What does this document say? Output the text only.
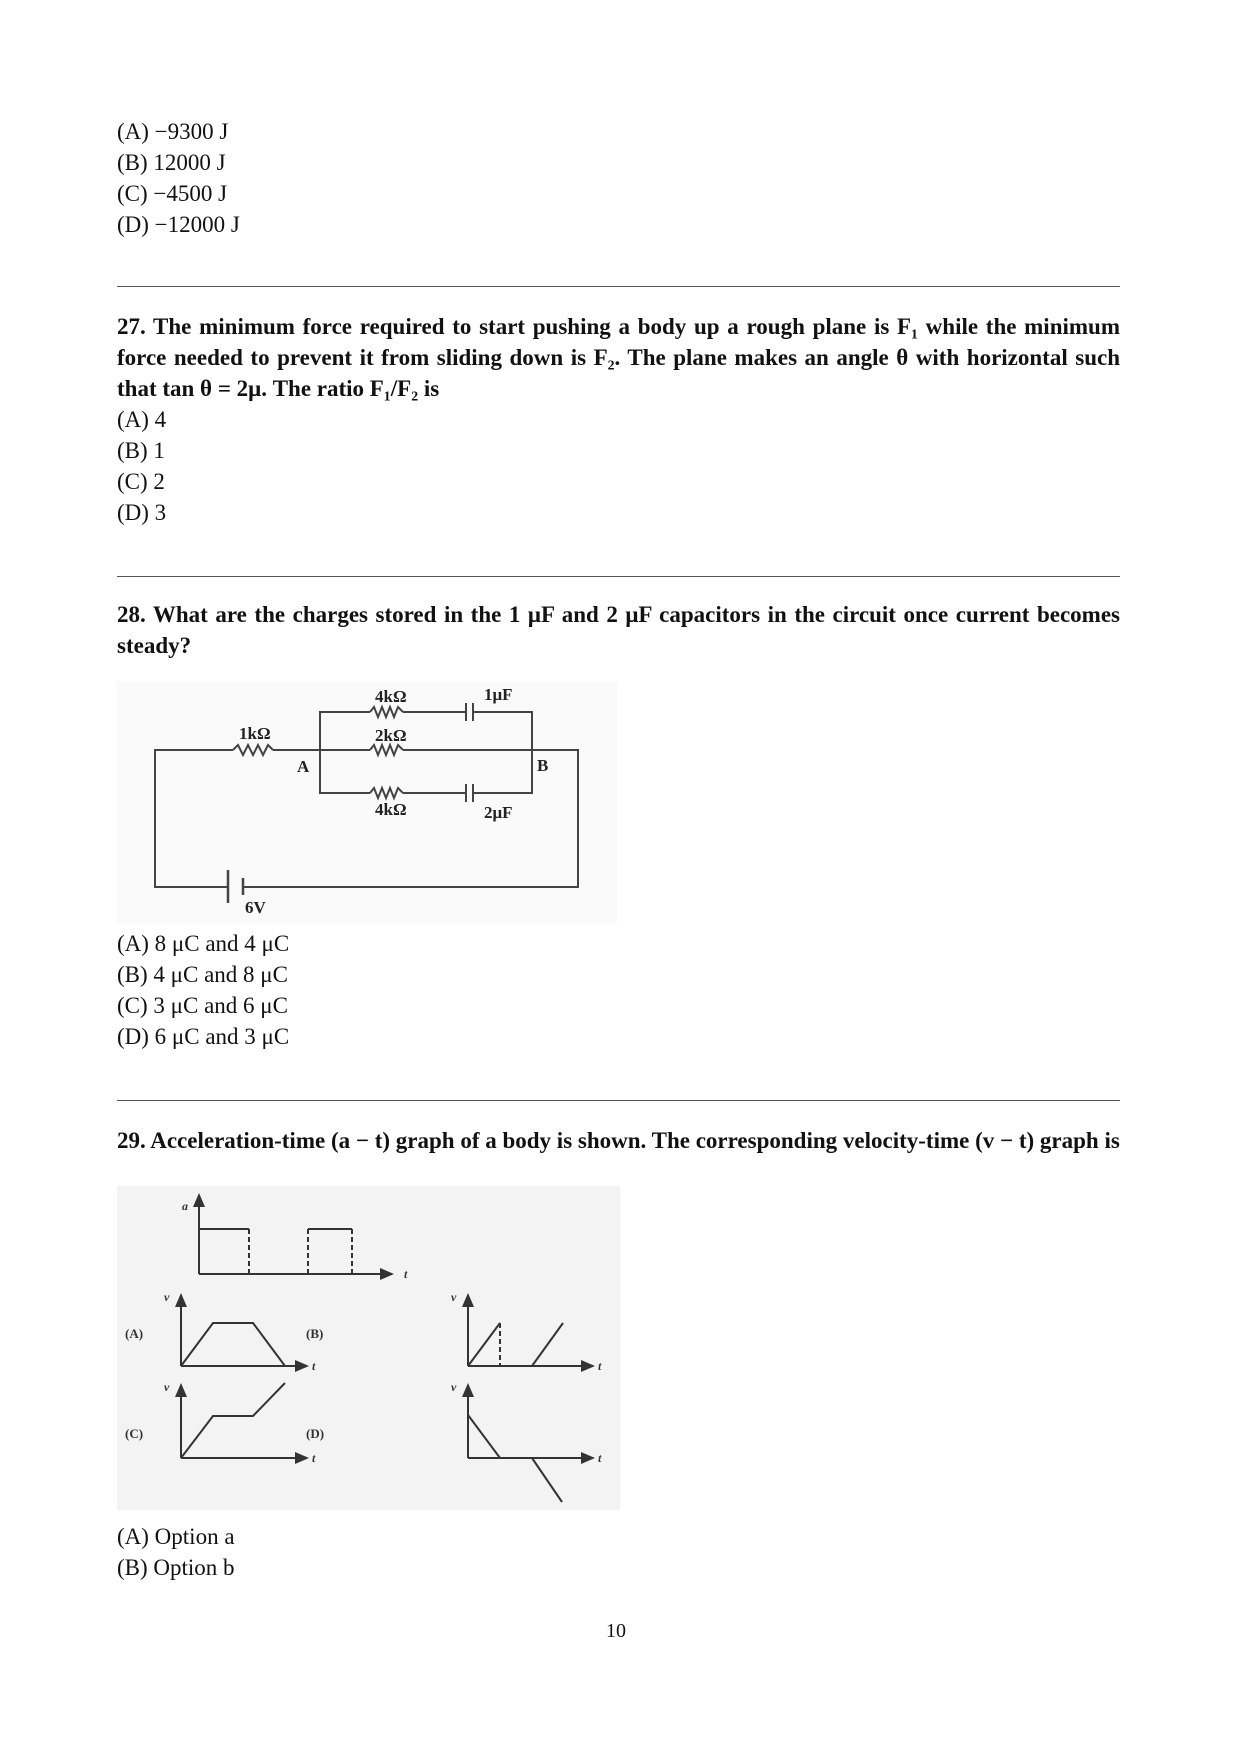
(A) −9300 J
(B) 12000 J
(C) −4500 J
(D) −12000 J
27. The minimum force required to start pushing a body up a rough plane is F₁ while the minimum force needed to prevent it from sliding down is F₂. The plane makes an angle θ with horizontal such that tan θ = 2μ. The ratio F₁/F₂ is
(A) 4
(B) 1
(C) 2
(D) 3
28. What are the charges stored in the 1 μF and 2 μF capacitors in the circuit once current becomes steady?
1kΩ
4kΩ
2kΩ
4kΩ
1μF
2μF
A	B
6V
(A) 8 μC and 4 μC
(B) 4 μC and 8 μC
(C) 3 μC and 6 μC
(D) 6 μC and 3 μC
29. Acceleration-time (a − t) graph of a body is shown. The corresponding velocity-time (v − t) graph is
a
t
v
t
v
t
v
t
v
t
(A)	(B)
(C)	(D)
(A) Option a
(B) Option b
10
